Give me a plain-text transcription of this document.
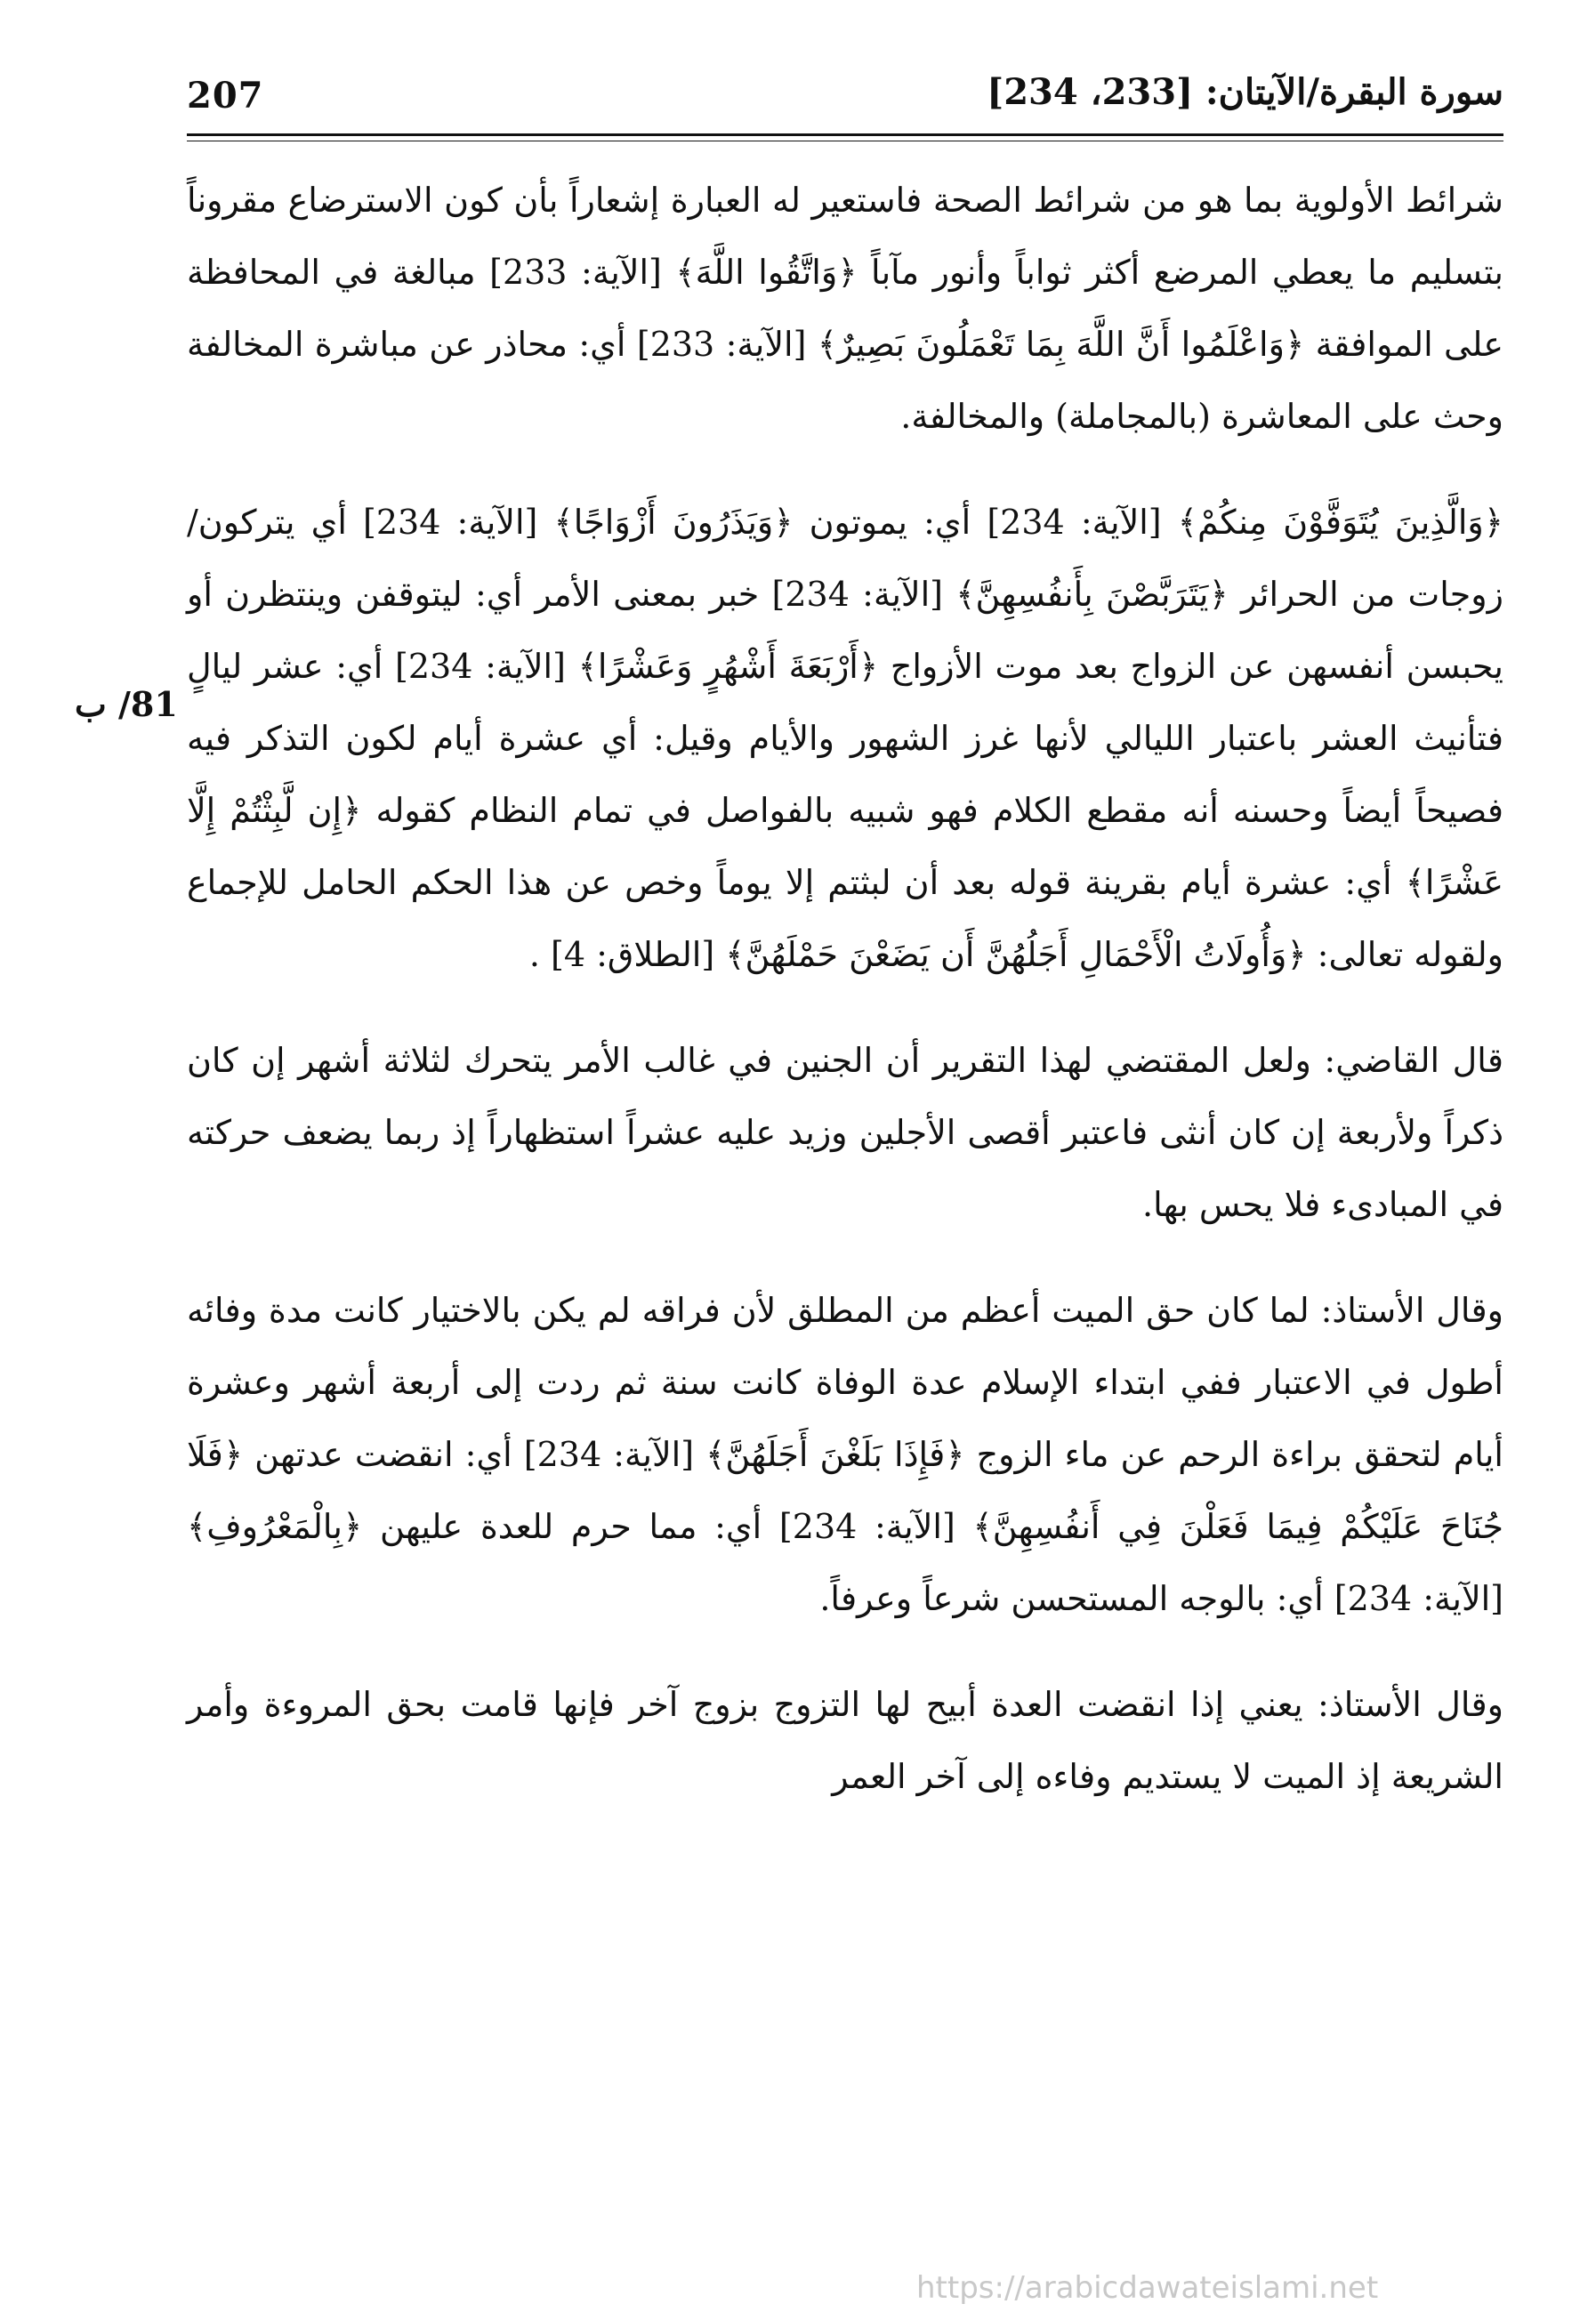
207	سورة البقرة/الآيتان: [233، 234]
81/ ب

شرائط الأولوية بما هو من شرائط الصحة فاستعير له العبارة إشعاراً بأن كون الاسترضاع مقروناً بتسليم ما يعطي المرضع أكثر ثواباً وأنور مآباً ﴿وَاتَّقُوا اللَّهَ﴾ [الآية: 233] مبالغة في المحافظة على الموافقة ﴿وَاعْلَمُوا أَنَّ اللَّهَ بِمَا تَعْمَلُونَ بَصِيرٌ﴾ [الآية: 233] أي: محاذر عن مباشرة المخالفة وحث على المعاشرة (بالمجاملة) والمخالفة.

﴿وَالَّذِينَ يُتَوَفَّوْنَ مِنكُمْ﴾ [الآية: 234] أي: يموتون ﴿وَيَذَرُونَ أَزْوَاجًا﴾ [الآية: 234] أي يتركون/ زوجات من الحرائر ﴿يَتَرَبَّصْنَ بِأَنفُسِهِنَّ﴾ [الآية: 234] خبر بمعنى الأمر أي: ليتوقفن وينتظرن أو يحبسن أنفسهن عن الزواج بعد موت الأزواج ﴿أَرْبَعَةَ أَشْهُرٍ وَعَشْرًا﴾ [الآية: 234] أي: عشر ليالٍ فتأنيث العشر باعتبار الليالي لأنها غرز الشهور والأيام وقيل: أي عشرة أيام لكون التذكر فيه فصيحاً أيضاً وحسنه أنه مقطع الكلام فهو شبيه بالفواصل في تمام النظام كقوله ﴿إِن لَّبِثْتُمْ إِلَّا عَشْرًا﴾ أي: عشرة أيام بقرينة قوله بعد أن لبثتم إلا يوماً وخص عن هذا الحكم الحامل للإجماع ولقوله تعالى: ﴿وَأُولَاتُ الْأَحْمَالِ أَجَلُهُنَّ أَن يَضَعْنَ حَمْلَهُنَّ﴾ [الطلاق: 4] .

قال القاضي: ولعل المقتضي لهذا التقرير أن الجنين في غالب الأمر يتحرك لثلاثة أشهر إن كان ذكراً ولأربعة إن كان أنثى فاعتبر أقصى الأجلين وزيد عليه عشراً استظهاراً إذ ربما يضعف حركته في المبادىء فلا يحس بها.

وقال الأستاذ: لما كان حق الميت أعظم من المطلق لأن فراقه لم يكن بالاختيار كانت مدة وفائه أطول في الاعتبار ففي ابتداء الإسلام عدة الوفاة كانت سنة ثم ردت إلى أربعة أشهر وعشرة أيام لتحقق براءة الرحم عن ماء الزوج ﴿فَإِذَا بَلَغْنَ أَجَلَهُنَّ﴾ [الآية: 234] أي: انقضت عدتهن ﴿فَلَا جُنَاحَ عَلَيْكُمْ فِيمَا فَعَلْنَ فِي أَنفُسِهِنَّ﴾ [الآية: 234] أي: مما حرم للعدة عليهن ﴿بِالْمَعْرُوفِ﴾ [الآية: 234] أي: بالوجه المستحسن شرعاً وعرفاً.

وقال الأستاذ: يعني إذا انقضت العدة أبيح لها التزوج بزوج آخر فإنها قامت بحق المروءة وأمر الشريعة إذ الميت لا يستديم وفاءه إلى آخر العمر

https://arabicdawateislami.net
